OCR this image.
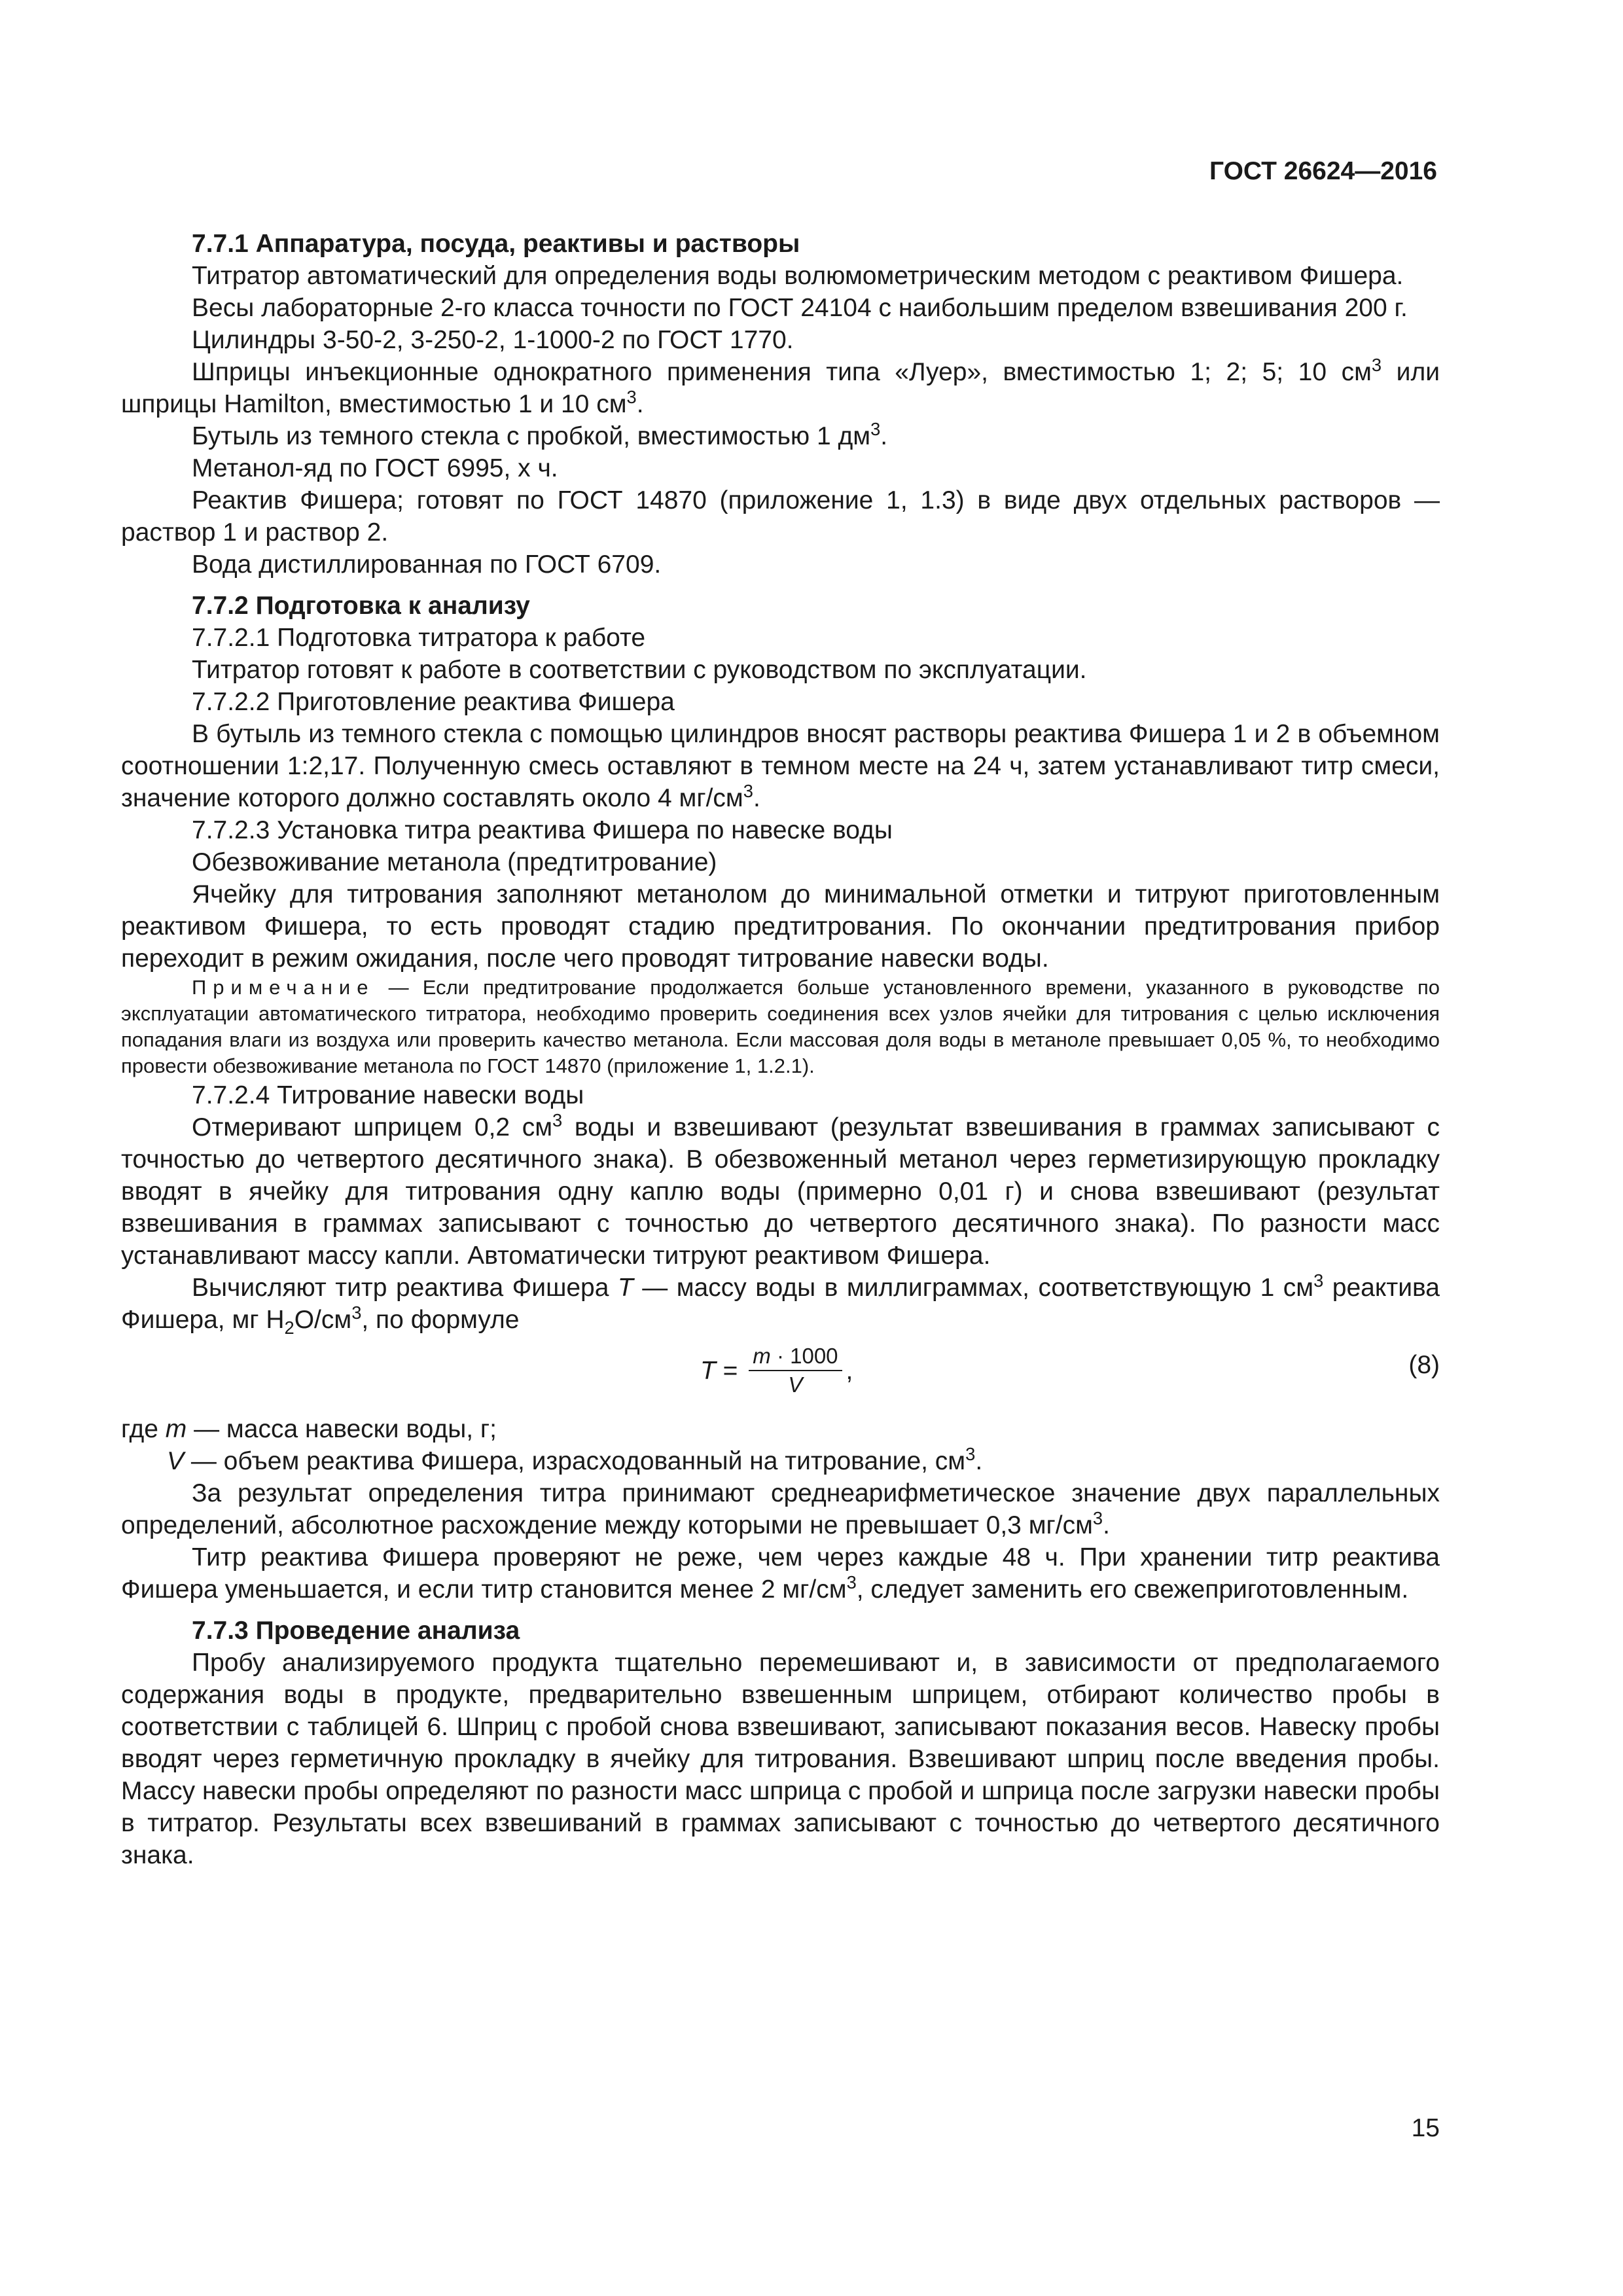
ГОСТ 26624—2016
7.7.1 Аппаратура, посуда, реактивы и растворы

Титратор автоматический для определения воды волюмометрическим методом с реактивом Фишера.

Весы лабораторные 2-го класса точности по ГОСТ 24104 с наибольшим пределом взвешивания 200 г.

Цилиндры 3-50-2, 3-250-2, 1-1000-2 по ГОСТ 1770.

Шприцы инъекционные однократного применения типа «Луер», вместимостью 1; 2; 5; 10 $см^3$ или шприцы Hamilton, вместимостью 1 и 10 $см^3$.

Бутыль из темного стекла с пробкой, вместимостью 1 $дм^3$.

Метанол-яд по ГОСТ 6995, х ч.

Реактив Фишера; готовят по ГОСТ 14870 (приложение 1, 1.3) в виде двух отдельных растворов — раствор 1 и раствор 2.

Вода дистиллированная по ГОСТ 6709.

7.7.2 Подготовка к анализу
7.7.2.1 Подготовка титратора к работе

Титратор готовят к работе в соответствии с руководством по эксплуатации.

7.7.2.2 Приготовление реактива Фишера

В бутыль из темного стекла с помощью цилиндров вносят растворы реактива Фишера 1 и 2 в объемном соотношении 1:2,17. Полученную смесь оставляют в темном месте на 24 ч, затем устанавливают титр смеси, значение которого должно составлять около 4 $мг/см^3$.

7.7.2.3 Установка титра реактива Фишера по навеске воды

Обезвоживание метанола (предтитрование)

Ячейку для титрования заполняют метанолом до минимальной отметки и титруют приготовленным реактивом Фишера, то есть проводят стадию предтитрования. По окончании предтитрования прибор переходит в режим ожидания, после чего проводят титрование навески воды.

Примечание — Если предтитрование продолжается больше установленного времени, указанного в руководстве по эксплуатации автоматического титратора, необходимо проверить соединения всех узлов ячейки для титрования с целью исключения попадания влаги из воздуха или проверить качество метанола. Если массовая доля воды в метаноле превышает 0,05 %, то необходимо провести обезвоживание метанола по ГОСТ 14870 (приложение 1, 1.2.1).

7.7.2.4 Титрование навески воды

Отмеривают шприцем 0,2 $см^3$ воды и взвешивают (результат взвешивания в граммах записывают с точностью до четвертого десятичного знака). В обезвоженный метанол через герметизирующую прокладку вводят в ячейку для титрования одну каплю воды (примерно 0,01 г) и снова взвешивают (результат взвешивания в граммах записывают с точностью до четвертого десятичного знака). По разности масс устанавливают массу капли. Автоматически титруют реактивом Фишера.

Вычисляют титр реактива Фишера T — массу воды в миллиграммах, соответствующую 1 $см^3$ реактива Фишера, мг $H_2O/см^3$, по формуле

$T = \frac{m \cdot 1000}{V}$ ,	(8)

где m — масса навески воды, г;

V — объем реактива Фишера, израсходованный на титрование, $см^3$.

За результат определения титра принимают среднеарифметическое значение двух параллельных определений, абсолютное расхождение между которыми не превышает 0,3 $мг/см^3$.

Титр реактива Фишера проверяют не реже, чем через каждые 48 ч. При хранении титр реактива Фишера уменьшается, и если титр становится менее 2 $мг/см^3$, следует заменить его свежеприготовленным.

7.7.3 Проведение анализа

Пробу анализируемого продукта тщательно перемешивают и, в зависимости от предполагаемого содержания воды в продукте, предварительно взвешенным шприцем, отбирают количество пробы в соответствии с таблицей 6. Шприц с пробой снова взвешивают, записывают показания весов. Навеску пробы вводят через герметичную прокладку в ячейку для титрования. Взвешивают шприц после введения пробы. Массу навески пробы определяют по разности масс шприца с пробой и шприца после загрузки навески пробы в титратор. Результаты всех взвешиваний в граммах записывают с точностью до четвертого десятичного знака.

15
